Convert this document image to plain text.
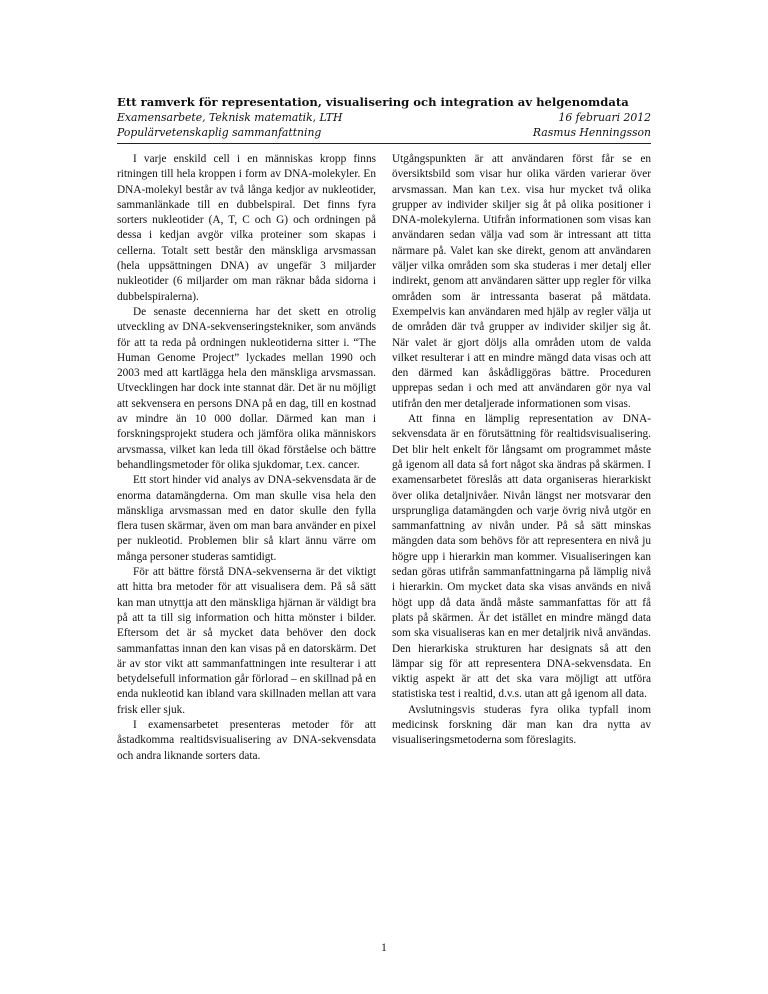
Ett ramverk för representation, visualisering och integration av helgenomdata
Examensarbete, Teknisk matematik, LTH	16 februari 2012
Populärvetenskaplig sammanfattning	Rasmus Henningsson

I varje enskild cell i en människas kropp finns ritningen till hela kroppen i form av DNA-molekyler. En DNA-molekyl består av två långa kedjor av nukleotider, sammanlänkade till en dubbelspiral. Det finns fyra sorters nukleotider (A, T, C och G) och ordningen på dessa i kedjan avgör vilka proteiner som skapas i cellerna. Totalt sett består den mänskliga arvsmassan (hela uppsättningen DNA) av ungefär 3 miljarder nukleotider (6 miljarder om man räknar båda sidorna i dubbelspiralerna).

De senaste decennierna har det skett en otrolig utveckling av DNA-sekvenseringstekniker, som används för att ta reda på ordningen nukleotiderna sitter i. “The Human Genome Project” lyckades mellan 1990 och 2003 med att kartlägga hela den mänskliga arvsmassan. Utvecklingen har dock inte stannat där. Det är nu möjligt att sekvensera en persons DNA på en dag, till en kostnad av mindre än 10 000 dollar. Därmed kan man i forskningsprojekt studera och jämföra olika människors arvsmassa, vilket kan leda till ökad förståelse och bättre behandlingsmetoder för olika sjukdomar, t.ex. cancer.

Ett stort hinder vid analys av DNA-sekvensdata är de enorma datamängderna. Om man skulle visa hela den mänskliga arvsmassan med en dator skulle den fylla flera tusen skärmar, även om man bara använder en pixel per nukleotid. Problemen blir så klart ännu värre om många personer studeras samtidigt.

För att bättre förstå DNA-sekvenserna är det viktigt att hitta bra metoder för att visualisera dem. På så sätt kan man utnyttja att den mänskliga hjärnan är väldigt bra på att ta till sig information och hitta mönster i bilder. Eftersom det är så mycket data behöver den dock sammanfattas innan den kan visas på en datorskärm. Det är av stor vikt att sammanfattningen inte resulterar i att betydelsefull information går förlorad – en skillnad på en enda nukleotid kan ibland vara skillnaden mellan att vara frisk eller sjuk.

I examensarbetet presenteras metoder för att åstadkomma realtidsvisualisering av DNA-sekvensdata och andra liknande sorters data.

Utgångspunkten är att användaren först får se en översiktsbild som visar hur olika värden varierar över arvsmassan. Man kan t.ex. visa hur mycket två olika grupper av individer skiljer sig åt på olika positioner i DNA-molekylerna. Utifrån informationen som visas kan användaren sedan välja vad som är intressant att titta närmare på. Valet kan ske direkt, genom att användaren väljer vilka områden som ska studeras i mer detalj eller indirekt, genom att användaren sätter upp regler för vilka områden som är intressanta baserat på mätdata. Exempelvis kan användaren med hjälp av regler välja ut de områden där två grupper av individer skiljer sig åt. När valet är gjort döljs alla områden utom de valda vilket resulterar i att en mindre mängd data visas och att den därmed kan åskådliggöras bättre. Proceduren upprepas sedan i och med att användaren gör nya val utifrån den mer detaljerade informationen som visas.

Att finna en lämplig representation av DNA-sekvensdata är en förutsättning för realtidsvisualisering. Det blir helt enkelt för långsamt om programmet måste gå igenom all data så fort något ska ändras på skärmen. I examensarbetet föreslås att data organiseras hierarkiskt över olika detaljnivåer. Nivån längst ner motsvarar den ursprungliga datamängden och varje övrig nivå utgör en sammanfattning av nivån under. På så sätt minskas mängden data som behövs för att representera en nivå ju högre upp i hierarkin man kommer. Visualiseringen kan sedan göras utifrån sammanfattningarna på lämplig nivå i hierarkin. Om mycket data ska visas används en nivå högt upp då data ändå måste sammanfattas för att få plats på skärmen. Är det istället en mindre mängd data som ska visualiseras kan en mer detaljrik nivå användas. Den hierarkiska strukturen har designats så att den lämpar sig för att representera DNA-sekvensdata. En viktig aspekt är att det ska vara möjligt att utföra statistiska test i realtid, d.v.s. utan att gå igenom all data.

Avslutningsvis studeras fyra olika typfall inom medicinsk forskning där man kan dra nytta av visualiseringsmetoderna som föreslagits.

1
